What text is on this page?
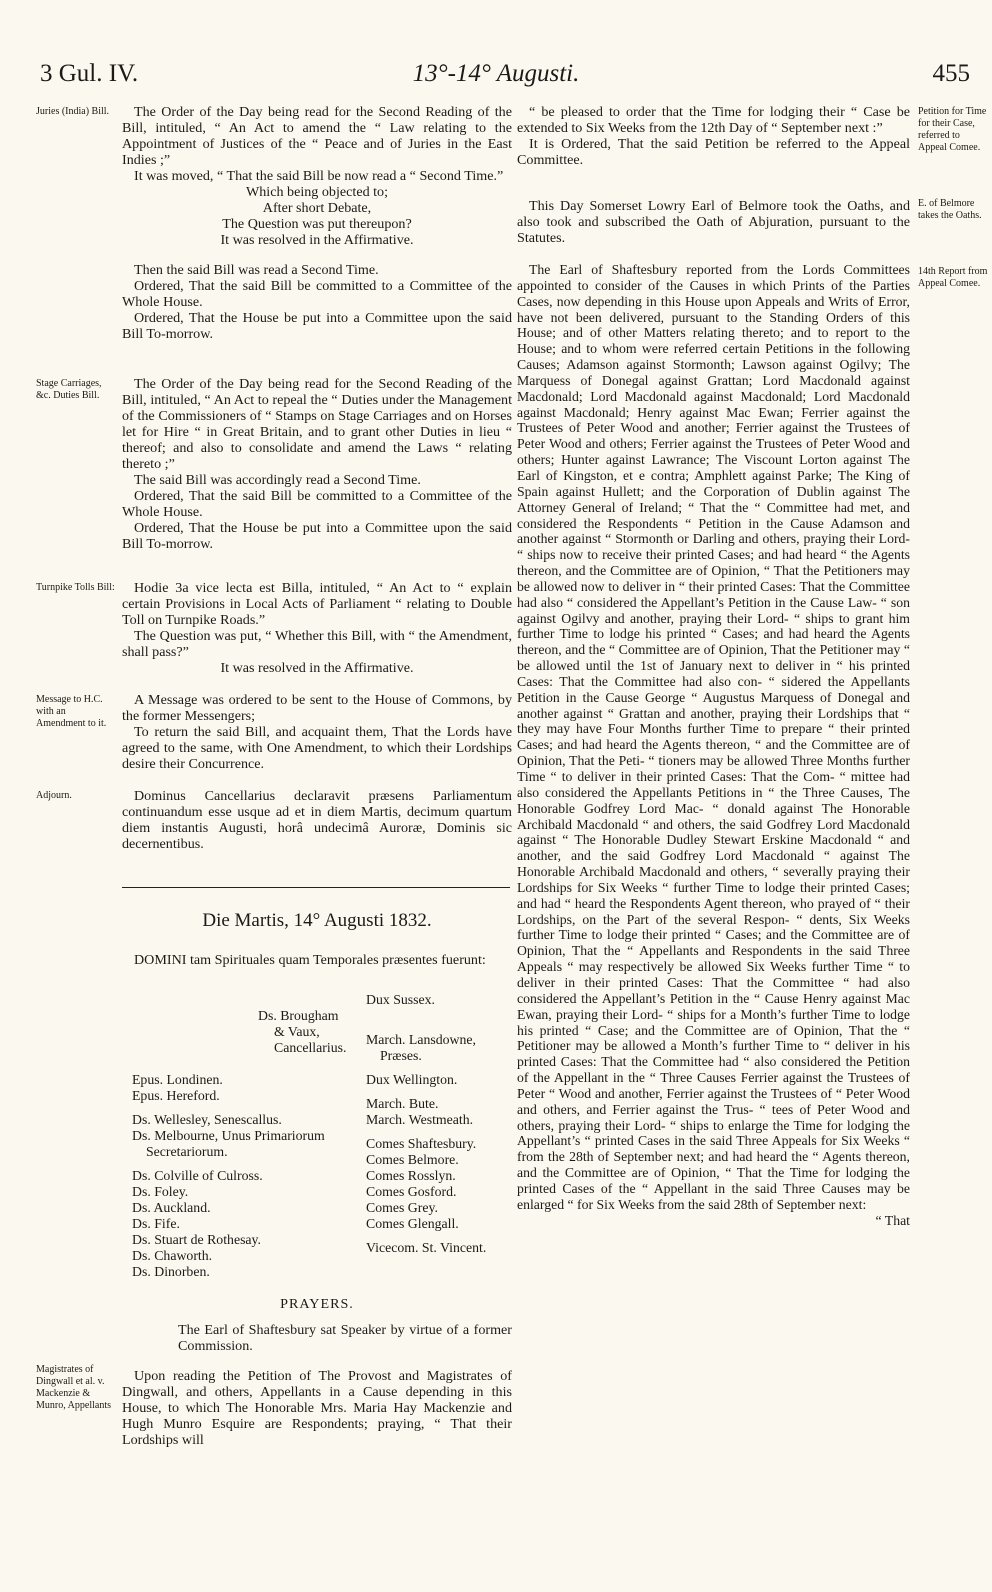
3 Gul. IV.	13°-14° Augusti.	455
Juries (India) Bill.
Stage Carriages, &c. Duties Bill.
Turnpike Tolls Bill:
Message to H.C. with an Amendment to it.
Adjourn.
Magistrates of Dingwall et al. v. Mackenzie & Munro, Appellants
Petition for Time for their Case, referred to Appeal Comee.
E. of Belmore takes the Oaths.
14th Report from Appeal Comee.

The Order of the Day being read for the Second Reading of the Bill, intituled, “ An Act to amend the “ Law relating to the Appointment of Justices of the “ Peace and of Juries in the East Indies ;”

It was moved, “ That the said Bill be now read a “ Second Time.”

Which being objected to;
After short Debate,
The Question was put thereupon?
It was resolved in the Affirmative.

Then the said Bill was read a Second Time.

Ordered, That the said Bill be committed to a Committee of the Whole House.

Ordered, That the House be put into a Committee upon the said Bill To-morrow.

The Order of the Day being read for the Second Reading of the Bill, intituled, “ An Act to repeal the “ Duties under the Management of the Commissioners of “ Stamps on Stage Carriages and on Horses let for Hire “ in Great Britain, and to grant other Duties in lieu “ thereof; and also to consolidate and amend the Laws “ relating thereto ;”

The said Bill was accordingly read a Second Time.

Ordered, That the said Bill be committed to a Committee of the Whole House.

Ordered, That the House be put into a Committee upon the said Bill To-morrow.

Hodie 3a vice lecta est Billa, intituled, “ An Act to “ explain certain Provisions in Local Acts of Parliament “ relating to Double Toll on Turnpike Roads.”

The Question was put, “ Whether this Bill, with “ the Amendment, shall pass?”

It was resolved in the Affirmative.

A Message was ordered to be sent to the House of Commons, by the former Messengers;

To return the said Bill, and acquaint them, That the Lords have agreed to the same, with One Amendment, to which their Lordships desire their Concurrence.

Dominus Cancellarius declaravit præsens Parliamentum continuandum esse usque ad et in diem Martis, decimum quartum diem instantis Augusti, horâ undecimâ Auroræ, Dominis sic decernentibus.

Die Martis, 14° Augusti 1832.

DOMINI tam Spirituales quam Temporales præsentes fuerunt:

Ds. Brougham
& Vaux,
Cancellarius.
Epus. Londinen.
Epus. Hereford.
Ds. Wellesley, Senescallus.
Ds. Melbourne, Unus Primariorum
Secretariorum.
Ds. Colville of Culross.
Ds. Foley.
Ds. Auckland.
Ds. Fife.
Ds. Stuart de Rothesay.
Ds. Chaworth.
Ds. Dinorben.
Dux Sussex.
March. Lansdowne,
Præses.
Dux Wellington.
March. Bute.
March. Westmeath.
Comes Shaftesbury.
Comes Belmore.
Comes Rosslyn.
Comes Gosford.
Comes Grey.
Comes Glengall.
Vicecom. St. Vincent.
PRAYERS.
The Earl of Shaftesbury sat Speaker by virtue of a former Commission.

Upon reading the Petition of The Provost and Magistrates of Dingwall, and others, Appellants in a Cause depending in this House, to which The Honorable Mrs. Maria Hay Mackenzie and Hugh Munro Esquire are Respondents; praying, “ That their Lordships will

“ be pleased to order that the Time for lodging their “ Case be extended to Six Weeks from the 12th Day of “ September next :”

It is Ordered, That the said Petition be referred to the Appeal Committee.

This Day Somerset Lowry Earl of Belmore took the Oaths, and also took and subscribed the Oath of Abjuration, pursuant to the Statutes.

The Earl of Shaftesbury reported from the Lords Committees appointed to consider of the Causes in which Prints of the Parties Cases, now depending in this House upon Appeals and Writs of Error, have not been delivered, pursuant to the Standing Orders of this House; and of other Matters relating thereto; and to report to the House; and to whom were referred certain Petitions in the following Causes; Adamson against Stormonth; Lawson against Ogilvy; The Marquess of Donegal against Grattan; Lord Macdonald against Macdonald; Lord Macdonald against Macdonald; Lord Macdonald against Macdonald; Henry against Mac Ewan; Ferrier against the Trustees of Peter Wood and another; Ferrier against the Trustees of Peter Wood and others; Ferrier against the Trustees of Peter Wood and others; Hunter against Lawrance; The Viscount Lorton against The Earl of Kingston, et e contra; Amphlett against Parke; The King of Spain against Hullett; and the Corporation of Dublin against The Attorney General of Ireland; “ That the “ Committee had met, and considered the Respondents “ Petition in the Cause Adamson and another against “ Stormonth or Darling and others, praying their Lord- “ ships now to receive their printed Cases; and had heard “ the Agents thereon, and the Committee are of Opinion, “ That the Petitioners may be allowed now to deliver in “ their printed Cases: That the Committee had also “ considered the Appellant’s Petition in the Cause Law- “ son against Ogilvy and another, praying their Lord- “ ships to grant him further Time to lodge his printed “ Cases; and had heard the Agents thereon, and the “ Committee are of Opinion, That the Petitioner may “ be allowed until the 1st of January next to deliver in “ his printed Cases: That the Committee had also con- “ sidered the Appellants Petition in the Cause George “ Augustus Marquess of Donegal and another against “ Grattan and another, praying their Lordships that “ they may have Four Months further Time to prepare “ their printed Cases; and had heard the Agents thereon, “ and the Committee are of Opinion, That the Peti- “ tioners may be allowed Three Months further Time “ to deliver in their printed Cases: That the Com- “ mittee had also considered the Appellants Petitions in “ the Three Causes, The Honorable Godfrey Lord Mac- “ donald against The Honorable Archibald Macdonald “ and others, the said Godfrey Lord Macdonald against “ The Honorable Dudley Stewart Erskine Macdonald “ and another, and the said Godfrey Lord Macdonald “ against The Honorable Archibald Macdonald and others, “ severally praying their Lordships for Six Weeks “ further Time to lodge their printed Cases; and had “ heard the Respondents Agent thereon, who prayed of “ their Lordships, on the Part of the several Respon- “ dents, Six Weeks further Time to lodge their printed “ Cases; and the Committee are of Opinion, That the “ Appellants and Respondents in the said Three Appeals “ may respectively be allowed Six Weeks further Time “ to deliver in their printed Cases: That the Committee “ had also considered the Appellant’s Petition in the “ Cause Henry against Mac Ewan, praying their Lord- “ ships for a Month’s further Time to lodge his printed “ Case; and the Committee are of Opinion, That the “ Petitioner may be allowed a Month’s further Time to “ deliver in his printed Cases: That the Committee had “ also considered the Petition of the Appellant in the “ Three Causes Ferrier against the Trustees of Peter “ Wood and another, Ferrier against the Trustees of “ Peter Wood and others, and Ferrier against the Trus- “ tees of Peter Wood and others, praying their Lord- “ ships to enlarge the Time for lodging the Appellant’s “ printed Cases in the said Three Appeals for Six Weeks “ from the 28th of September next; and had heard the “ Agents thereon, and the Committee are of Opinion, “ That the Time for lodging the printed Cases of the “ Appellant in the said Three Causes may be enlarged “ for Six Weeks from the said 28th of September next:

“ That
